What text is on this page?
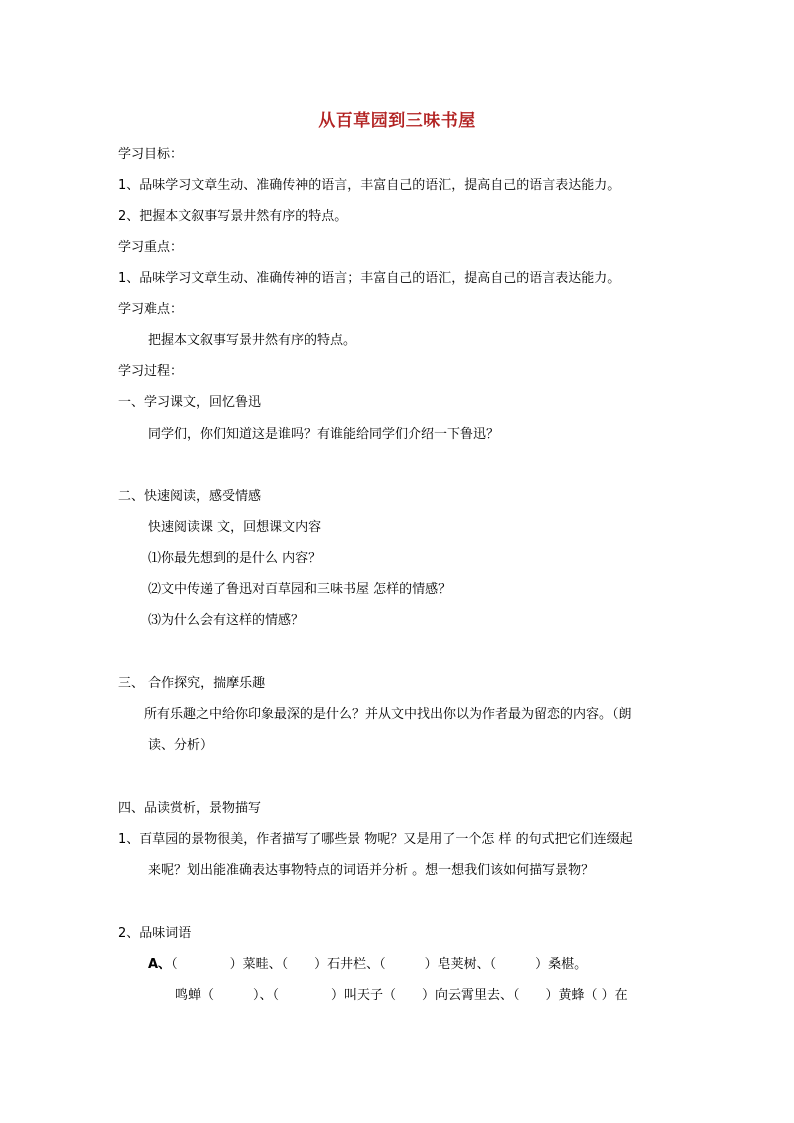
从百草园到三味书屋
学习目标：
1、品味学习文章生动、准确传神的语言，丰富自己的语汇，提高自己的语言表达能力。
2、把握本文叙事写景井然有序的特点。
学习重点：
1、品味学习文章生动、准确传神的语言；丰富自己的语汇，提高自己的语言表达能力。
学习难点：
把握本文叙事写景井然有序的特点。
学习过程：
一、学习课文，回忆鲁迅
同学们，你们知道这是谁吗？有谁能给同学们介绍一下鲁迅？
二、快速阅读，感受情感
快速阅读课 文，回想课文内容
⑴你最先想到的是什么 内容？
⑵文中传递了鲁迅对百草园和三味书屋 怎样的情感？
⑶为什么会有这样的情感？
三、 合作探究，揣摩乐趣
所有乐趣之中给你印象最深的是什么？并从文中找出你以为作者最为留恋的内容。（朗
读、分析）
四、品读赏析，景物描写
1、百草园的景物很美，作者描写了哪些景 物呢？又是用了一个怎 样 的句式把它们连缀起
来呢？划出能准确表达事物特点的词语并分析 。想一想我们该如何描写景物？
2、品味词语
A、（　　　　）菜畦、（　　）石井栏、（　　　）皂荚树、（　　　）桑椹。
鸣蝉（　　　）、（　　　　）叫天子（　　）向云霄里去、（　　）黄蜂（ ）在
